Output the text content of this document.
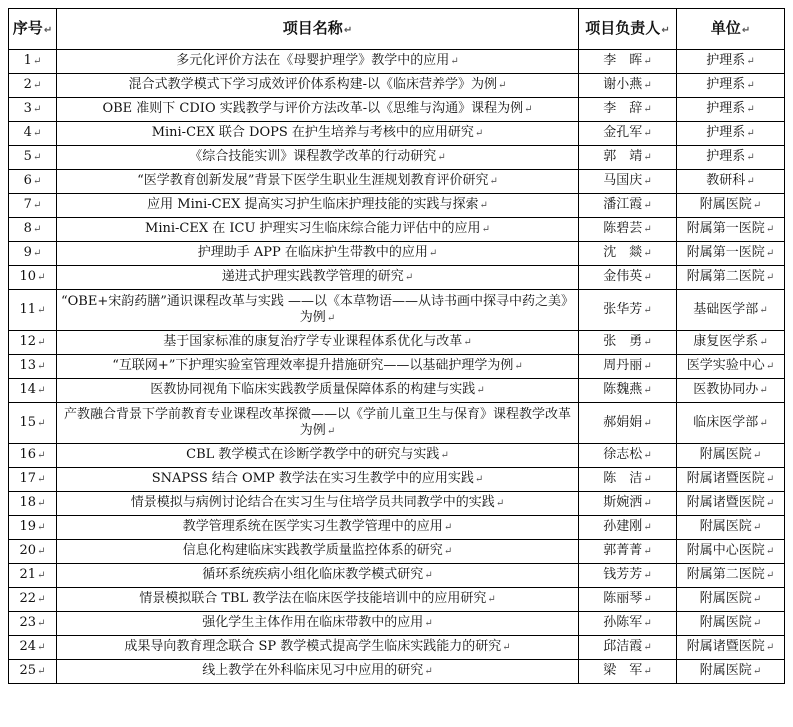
序号↵	项目名称↵	项目负责人↵	单位↵
1↵	多元化评价方法在《母婴护理学》教学中的应用↵	李　晖↵	护理系↵
2↵	混合式教学模式下学习成效评价体系构建-以《临床营养学》为例↵	谢小燕↵	护理系↵
3↵	OBE 准则下 CDIO 实践教学与评价方法改革-以《思维与沟通》课程为例↵	李　辞↵	护理系↵
4↵	Mini-CEX 联合 DOPS 在护生培养与考核中的应用研究↵	金孔军↵	护理系↵
5↵	《综合技能实训》课程教学改革的行动研究↵	郭　靖↵	护理系↵
6↵	“医学教育创新发展”背景下医学生职业生涯规划教育评价研究↵	马国庆↵	教研科↵
7↵	应用 Mini-CEX 提高实习护生临床护理技能的实践与探索↵	潘江霞↵	附属医院↵
8↵	Mini-CEX 在 ICU 护理实习生临床综合能力评估中的应用↵	陈碧芸↵	附属第一医院↵
9↵	护理助手 APP 在临床护生带教中的应用↵	沈　燚↵	附属第一医院↵
10↵	递进式护理实践教学管理的研究↵	金伟英↵	附属第二医院↵
11↵	“OBE+宋韵药膳”通识课程改革与实践 ——以《本草物语——从诗书画中探寻中药之美》为例↵	张华芳↵	基础医学部↵
12↵	基于国家标准的康复治疗学专业课程体系优化与改革↵	张　勇↵	康复医学系↵
13↵	“互联网+”下护理实验室管理效率提升措施研究——以基础护理学为例↵	周丹丽↵	医学实验中心↵
14↵	医教协同视角下临床实践教学质量保障体系的构建与实践↵	陈魏燕↵	医教协同办↵
15↵	产教融合背景下学前教育专业课程改革探微——以《学前儿童卫生与保育》课程教学改革为例↵	郝娟娟↵	临床医学部↵
16↵	CBL 教学模式在诊断学教学中的研究与实践↵	徐志松↵	附属医院↵
17↵	SNAPSS 结合 OMP 教学法在实习生教学中的应用实践↵	陈　洁↵	附属诸暨医院↵
18↵	情景模拟与病例讨论结合在实习生与住培学员共同教学中的实践↵	斯婉洒↵	附属诸暨医院↵
19↵	教学管理系统在医学实习生教学管理中的应用↵	孙建刚↵	附属医院↵
20↵	信息化构建临床实践教学质量监控体系的研究↵	郭菁菁↵	附属中心医院↵
21↵	循环系统疾病小组化临床教学模式研究↵	钱芳芳↵	附属第二医院↵
22↵	情景模拟联合 TBL 教学法在临床医学技能培训中的应用研究↵	陈丽琴↵	附属医院↵
23↵	强化学生主体作用在临床带教中的应用↵	孙陈军↵	附属医院↵
24↵	成果导向教育理念联合 SP 教学模式提高学生临床实践能力的研究↵	邱洁霞↵	附属诸暨医院↵
25↵	线上教学在外科临床见习中应用的研究↵	梁　军↵	附属医院↵
